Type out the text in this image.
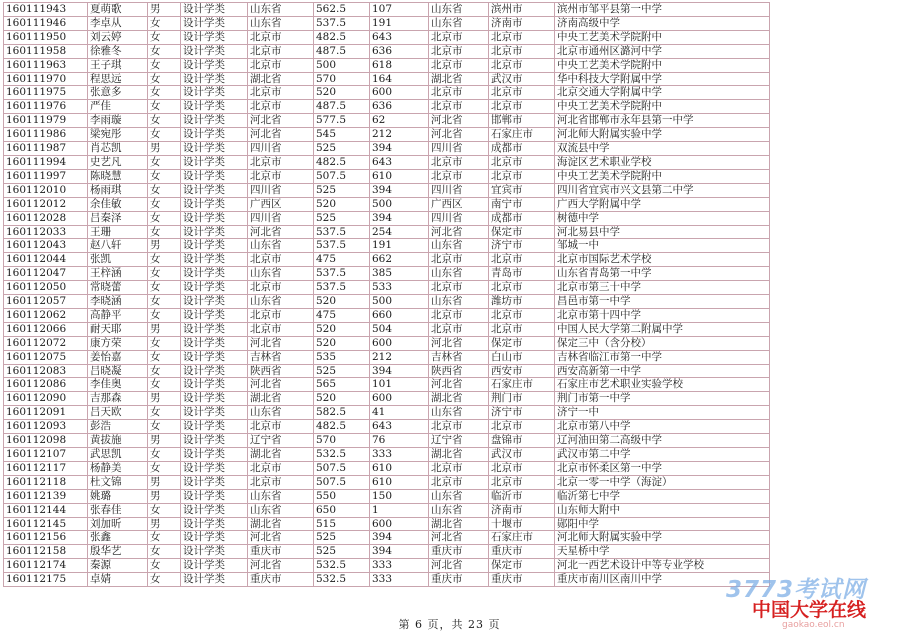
160111943	夏萌歌	男	设计学类	山东省	562.5	107	山东省	滨州市	滨州市邹平县第一中学
160111946	李卓从	女	设计学类	山东省	537.5	191	山东省	济南市	济南高级中学
160111950	刘云婷	女	设计学类	北京市	482.5	643	北京市	北京市	中央工艺美术学院附中
160111958	徐雅冬	女	设计学类	北京市	487.5	636	北京市	北京市	北京市通州区潞河中学
160111963	王子琪	女	设计学类	北京市	500	618	北京市	北京市	中央工艺美术学院附中
160111970	程思远	女	设计学类	湖北省	570	164	湖北省	武汉市	华中科技大学附属中学
160111975	张意多	女	设计学类	北京市	520	600	北京市	北京市	北京交通大学附属中学
160111976	严佳	女	设计学类	北京市	487.5	636	北京市	北京市	中央工艺美术学院附中
160111979	李雨璇	女	设计学类	河北省	577.5	62	河北省	邯郸市	河北省邯郸市永年县第一中学
160111986	梁宛彤	女	设计学类	河北省	545	212	河北省	石家庄市	河北师大附属实验中学
160111987	肖芯凯	男	设计学类	四川省	525	394	四川省	成都市	双流县中学
160111994	史艺凡	女	设计学类	北京市	482.5	643	北京市	北京市	海淀区艺术职业学校
160111997	陈晓慧	女	设计学类	北京市	507.5	610	北京市	北京市	中央工艺美术学院附中
160112010	杨雨琪	女	设计学类	四川省	525	394	四川省	宜宾市	四川省宜宾市兴文县第二中学
160112012	余佳敏	女	设计学类	广西区	520	500	广西区	南宁市	广西大学附属中学
160112028	吕秦泽	女	设计学类	四川省	525	394	四川省	成都市	树德中学
160112033	王珊	女	设计学类	河北省	537.5	254	河北省	保定市	河北易县中学
160112043	赵八轩	男	设计学类	山东省	537.5	191	山东省	济宁市	邹城一中
160112044	张凯	女	设计学类	北京市	475	662	北京市	北京市	北京市国际艺术学校
160112047	王梓涵	女	设计学类	山东省	537.5	385	山东省	青岛市	山东省青岛第一中学
160112050	常晓蕾	女	设计学类	北京市	537.5	533	北京市	北京市	北京市第三十中学
160112057	李晓涵	女	设计学类	山东省	520	500	山东省	潍坊市	昌邑市第一中学
160112062	高静平	女	设计学类	北京市	475	660	北京市	北京市	北京市第十四中学
160112066	耐天耶	男	设计学类	北京市	520	504	北京市	北京市	中国人民大学第二附属中学
160112072	康方荣	女	设计学类	河北省	520	600	河北省	保定市	保定三中（含分校）
160112075	姜怡嘉	女	设计学类	吉林省	535	212	吉林省	白山市	吉林省临江市第一中学
160112083	吕晓凝	女	设计学类	陕西省	525	394	陕西省	西安市	西安高新第一中学
160112086	李佳奥	女	设计学类	河北省	565	101	河北省	石家庄市	石家庄市艺术职业实验学校
160112090	吉那森	男	设计学类	湖北省	520	600	湖北省	荆门市	荆门市第一中学
160112091	吕天欧	女	设计学类	山东省	582.5	41	山东省	济宁市	济宁一中
160112093	彭浩	女	设计学类	北京市	482.5	643	北京市	北京市	北京市第八中学
160112098	黄拔施	男	设计学类	辽宁省	570	76	辽宁省	盘锦市	辽河油田第二高级中学
160112107	武思凯	女	设计学类	湖北省	532.5	333	湖北省	武汉市	武汉市第二中学
160112117	杨静美	女	设计学类	北京市	507.5	610	北京市	北京市	北京市怀柔区第一中学
160112118	杜文锦	男	设计学类	北京市	507.5	610	北京市	北京市	北京一零一中学（海淀）
160112139	姚璐	男	设计学类	山东省	550	150	山东省	临沂市	临沂第七中学
160112144	张春佳	女	设计学类	山东省	650	1	山东省	济南市	山东师大附中
160112145	刘加昕	男	设计学类	湖北省	515	600	湖北省	十堰市	郧阳中学
160112156	张鑫	女	设计学类	河北省	525	394	河北省	石家庄市	河北师大附属实验中学
160112158	殷华艺	女	设计学类	重庆市	525	394	重庆市	重庆市	天星桥中学
160112174	秦源	女	设计学类	河北省	532.5	333	河北省	保定市	河北一西艺术设计中等专业学校
160112175	卓婧	女	设计学类	重庆市	532.5	333	重庆市	重庆市	重庆市南川区南川中学
第 6 页，共 23 页
3773考试网
中国大学在线
gaokao.eol.cn
